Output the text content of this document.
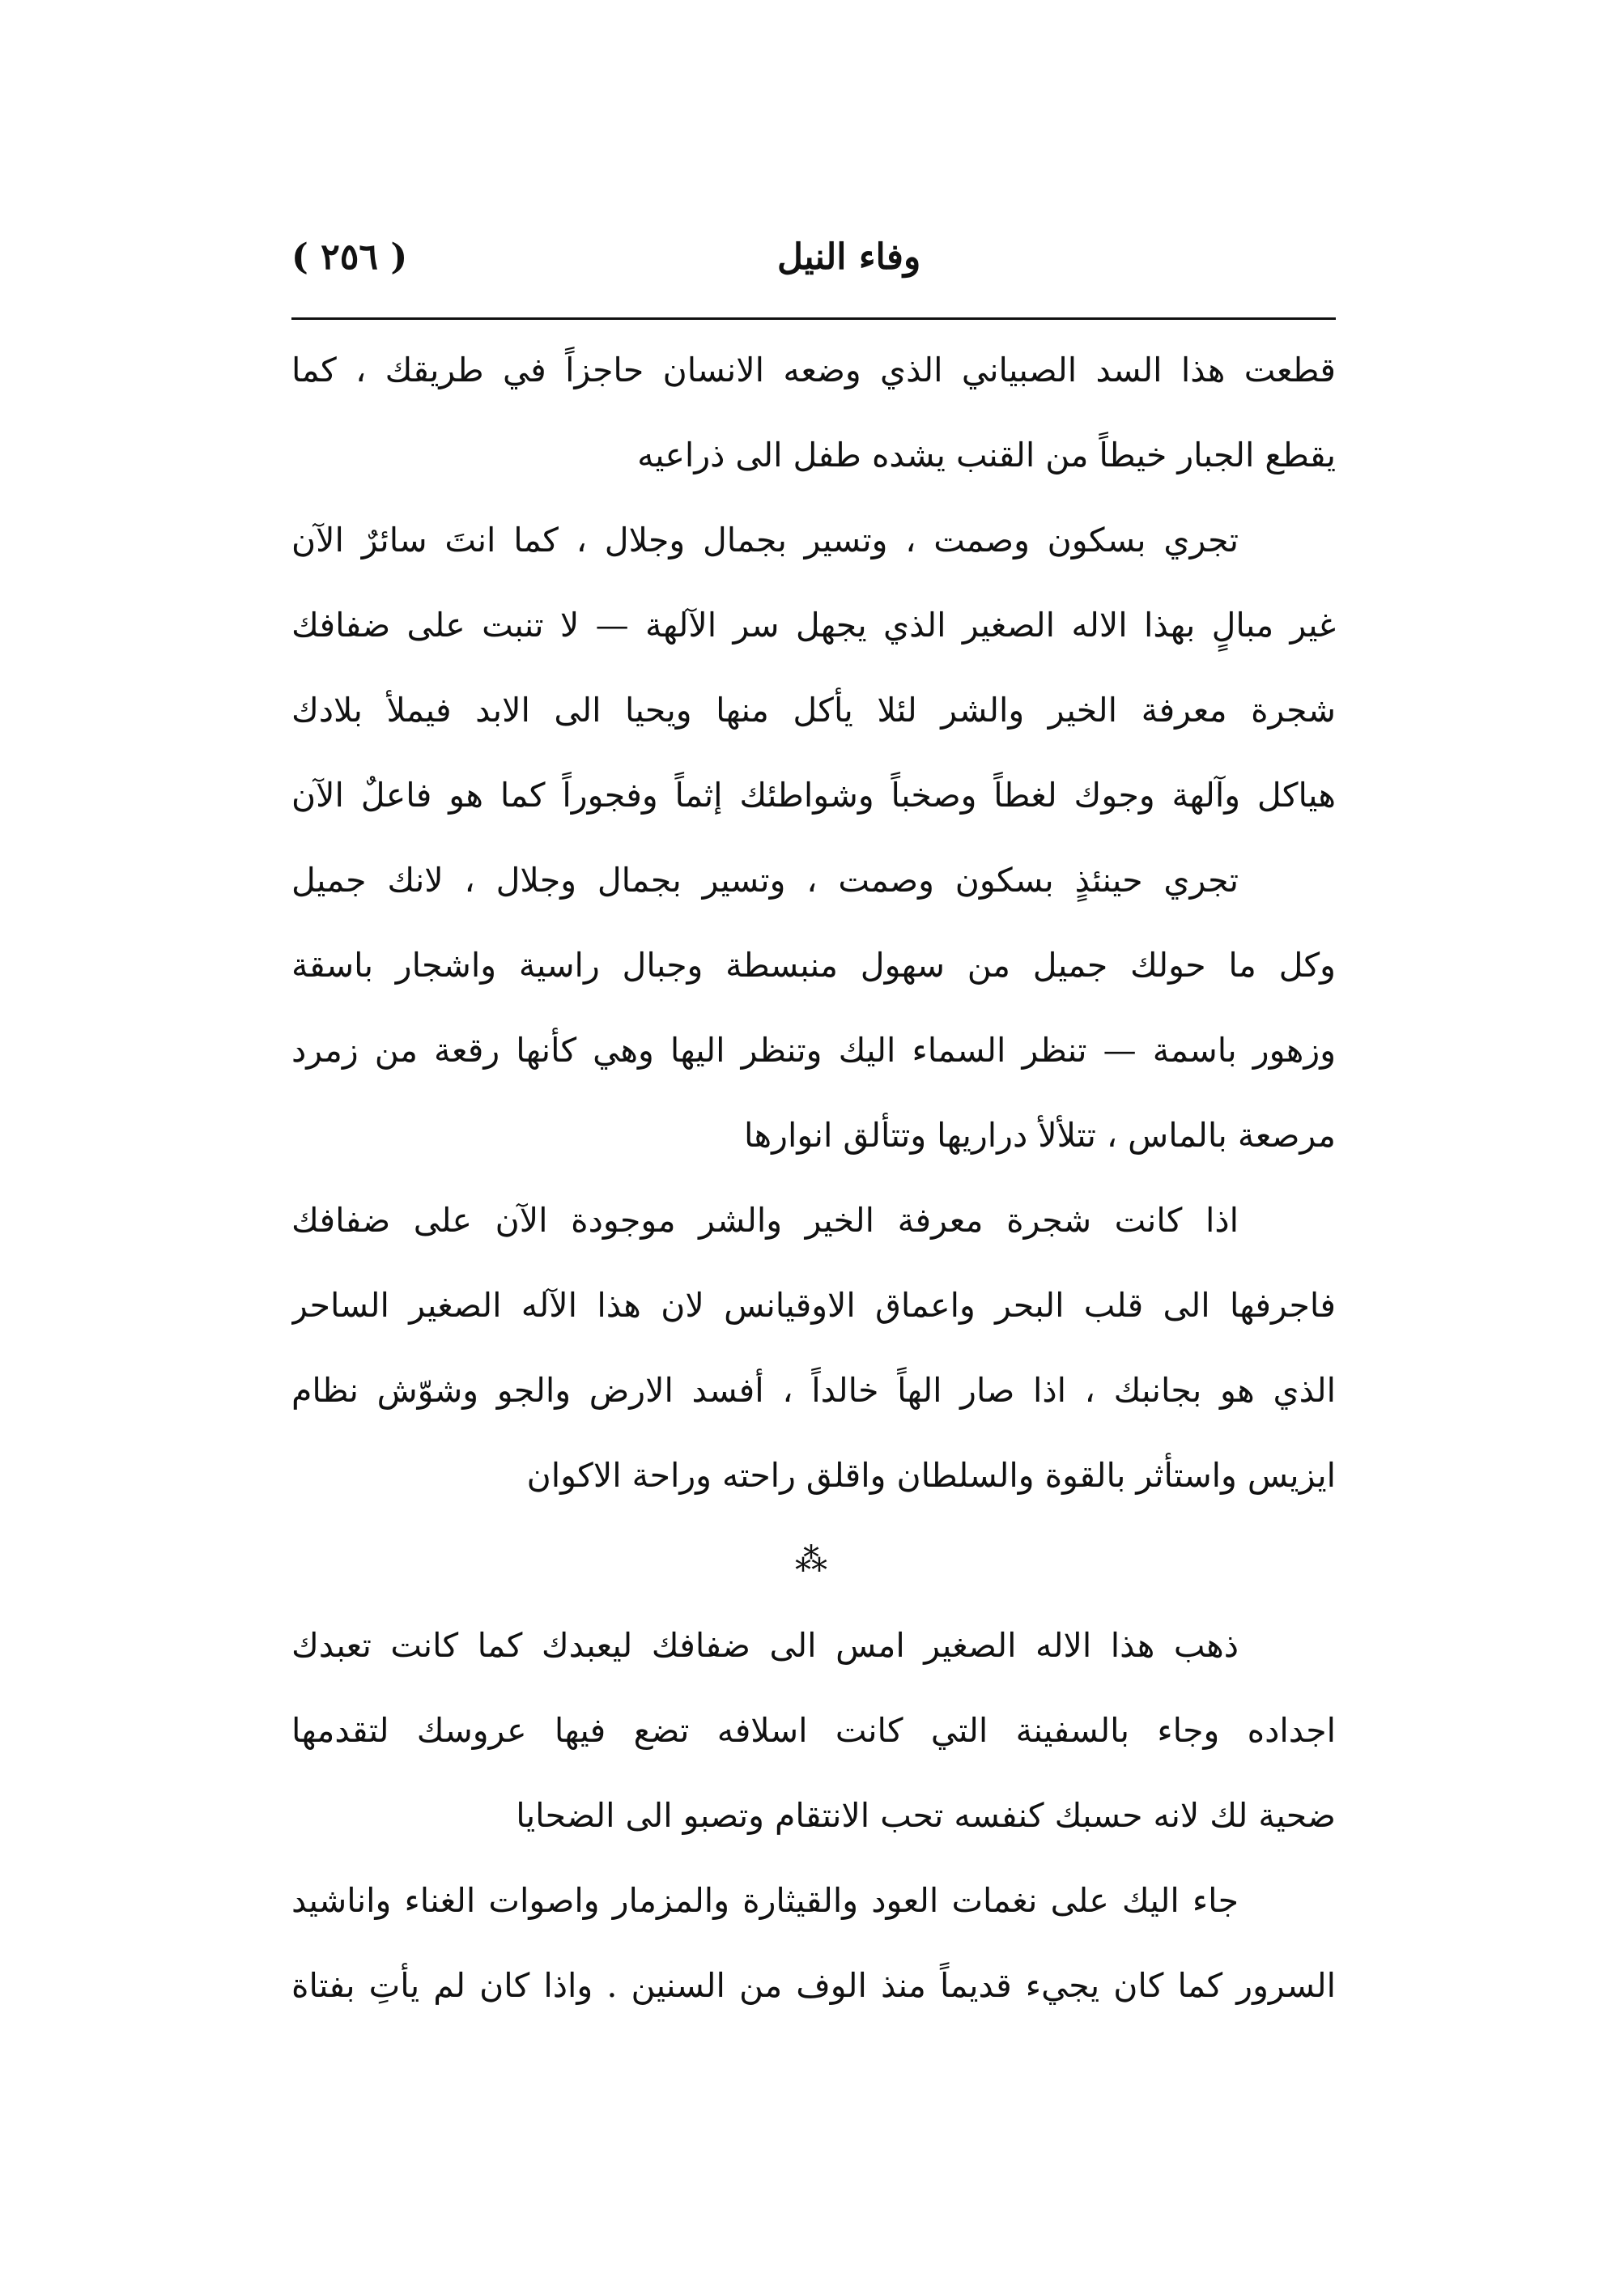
( ٢٥٦ )	وفاء النيل
قطعت هذا السد الصبياني الذي وضعه الانسان حاجزاً في طريقك ، كما
يقطع الجبار خيطاً من القنب يشده طفل الى ذراعيه
تجري بسكون وصمت ، وتسير بجمال وجلال ، كما انتَ سائرٌ الآن
غير مبالٍ بهذا الاله الصغير الذي يجهل سر الآلهة — لا تنبت على ضفافك
شجرة معرفة الخير والشر لئلا يأكل منها ويحيا الى الابد فيملأ بلادك
هياكل وآلهة وجوك لغطاً وصخباً وشواطئك إثماً وفجوراً كما هو فاعلٌ الآن
تجري حينئذٍ بسكون وصمت ، وتسير بجمال وجلال ، لانك جميل
وكل ما حولك جميل من سهول منبسطة وجبال راسية واشجار باسقة
وزهور باسمة — تنظر السماء اليك وتنظر اليها وهي كأنها رقعة من زمرد
مرصعة بالماس ، تتلألأ دراريها وتتألق انوارها
اذا كانت شجرة معرفة الخير والشر موجودة الآن على ضفافك
فاجرفها الى قلب البحر واعماق الاوقيانس لان هذا الآله الصغير الساحر
الذي هو بجانبك ، اذا صار الهاً خالداً ، أفسد الارض والجو وشوّش نظام
ايزيس واستأثر بالقوة والسلطان واقلق راحته وراحة الاكوان
⁂
ذهب هذا الاله الصغير امس الى ضفافك ليعبدك كما كانت تعبدك
اجداده وجاء بالسفينة التي كانت اسلافه تضع فيها عروسك لتقدمها
ضحية لك لانه حسبك كنفسه تحب الانتقام وتصبو الى الضحايا
جاء اليك على نغمات العود والقيثارة والمزمار واصوات الغناء واناشيد
السرور كما كان يجيء قديماً منذ الوف من السنين . واذا كان لم يأتِ بفتاة
